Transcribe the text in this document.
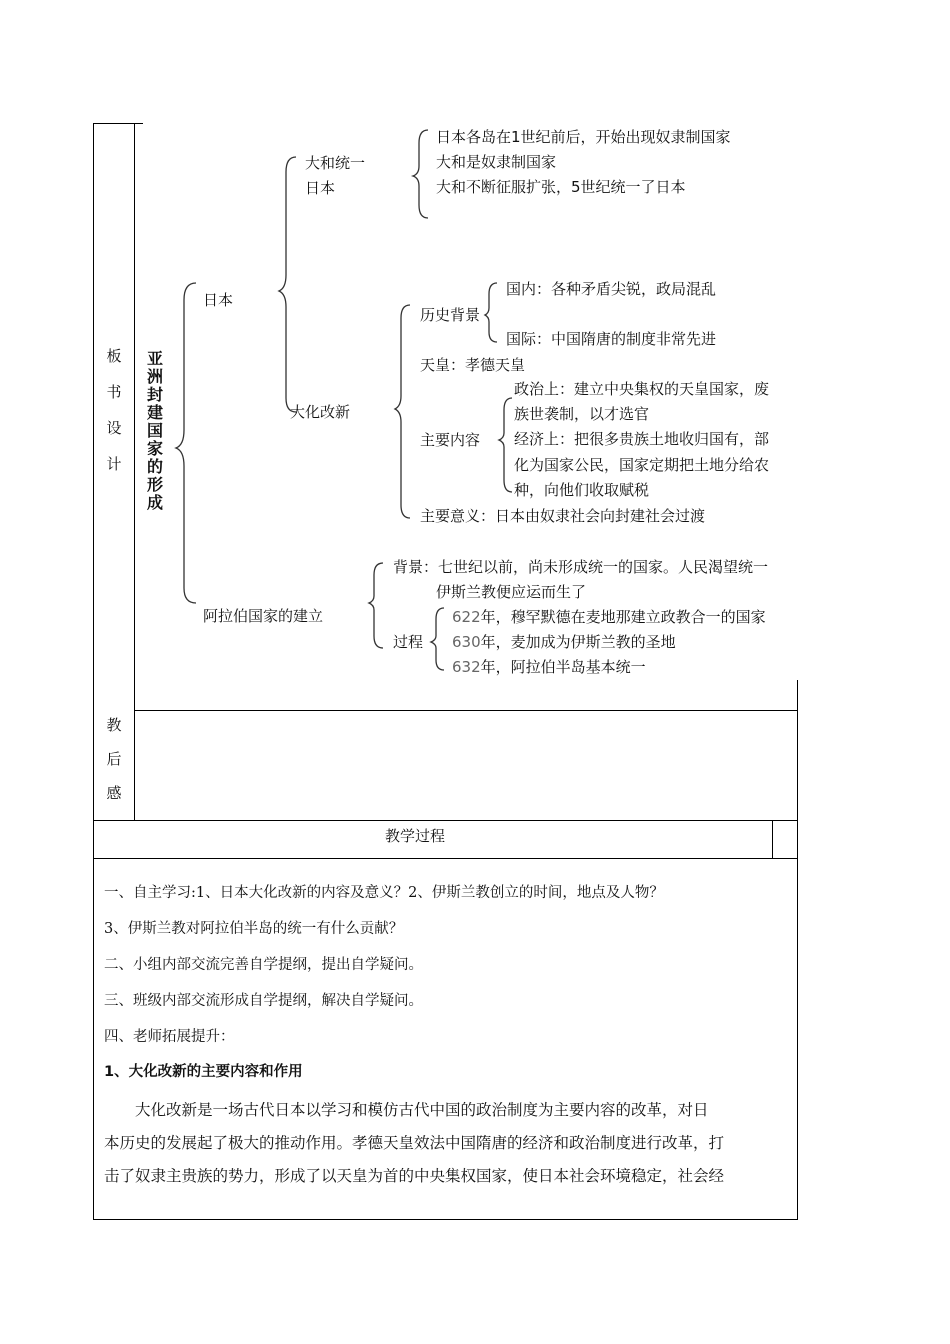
板
书
设
计
教
后
感
教学过程
亚
洲
封
建
国
家
的
形
成
日本
大和统一
日本
日本各岛在1世纪前后，开始出现奴隶制国家
大和是奴隶制国家
大和不断征服扩张，5世纪统一了日本
大化改新
历史背景
国内：各种矛盾尖锐，政局混乱
国际：中国隋唐的制度非常先进
天皇：孝德天皇
主要内容
政治上：建立中央集权的天皇国家，废
族世袭制，以才选官
经济上：把很多贵族土地收归国有，部
化为国家公民，国家定期把土地分给农
种，向他们收取赋税
主要意义：日本由奴隶社会向封建社会过渡
阿拉伯国家的建立
背景：七世纪以前，尚未形成统一的国家。人民渴望统一
伊斯兰教便应运而生了
过程
622年，穆罕默德在麦地那建立政教合一的国家
630年，麦加成为伊斯兰教的圣地
632年，阿拉伯半岛基本统一
一、自主学习:1、日本大化改新的内容及意义？2、伊斯兰教创立的时间，地点及人物？
3、伊斯兰教对阿拉伯半岛的统一有什么贡献？
二、小组内部交流完善自学提纲，提出自学疑问。
三、班级内部交流形成自学提纲，解决自学疑问。
四、老师拓展提升：
1、大化改新的主要内容和作用
　　大化改新是一场古代日本以学习和模仿古代中国的政治制度为主要内容的改革，对日
本历史的发展起了极大的推动作用。孝德天皇效法中国隋唐的经济和政治制度进行改革，打
击了奴隶主贵族的势力，形成了以天皇为首的中央集权国家，使日本社会环境稳定，社会经
